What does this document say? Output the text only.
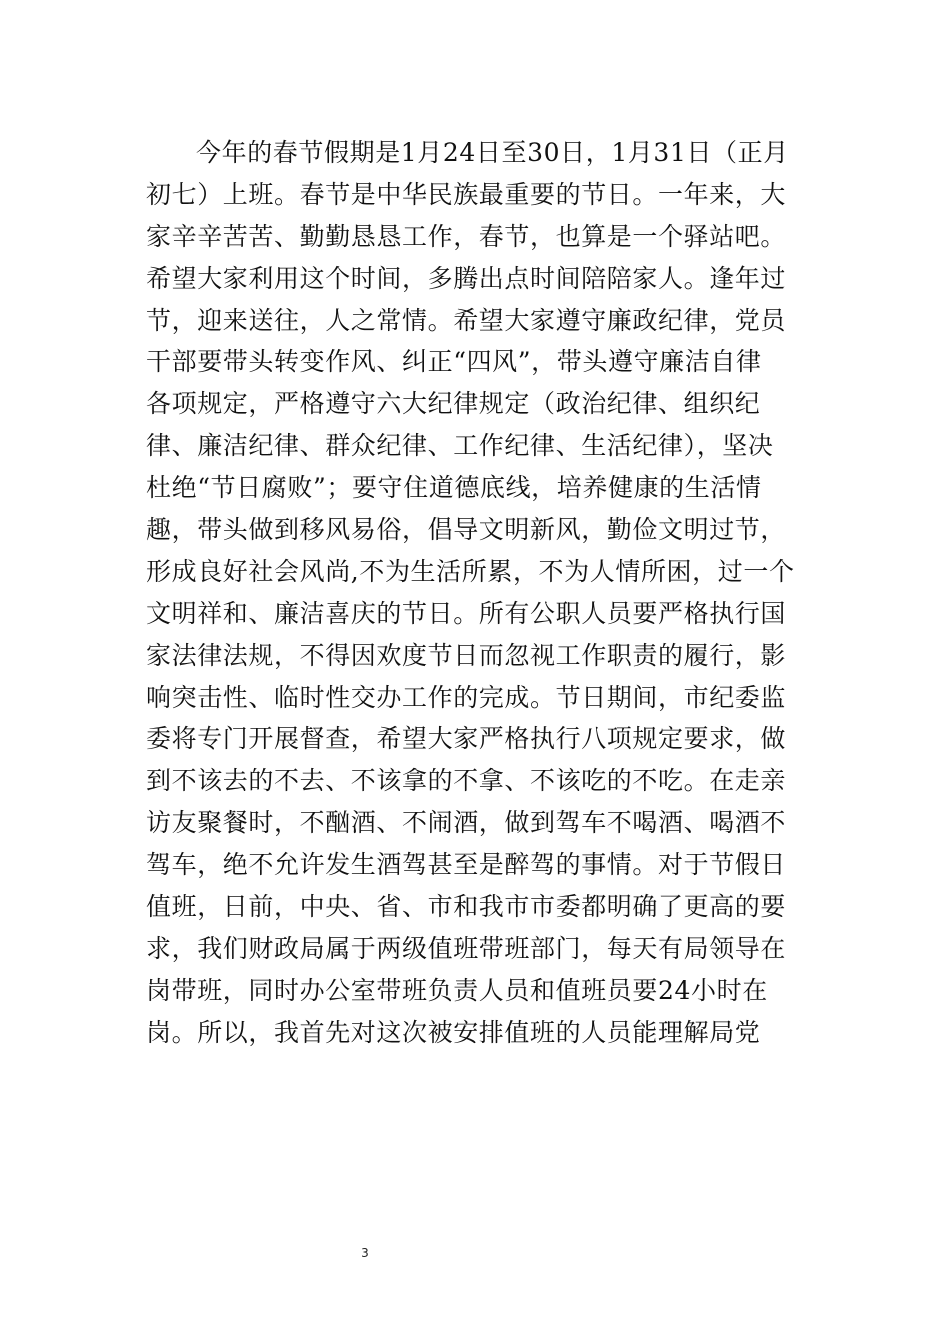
今年的春节假期是1月24日至30日，1月31日（正月
初七）上班。春节是中华民族最重要的节日。一年来，大
家辛辛苦苦、勤勤恳恳工作，春节，也算是一个驿站吧。
希望大家利用这个时间，多腾出点时间陪陪家人。逢年过
节，迎来送往，人之常情。希望大家遵守廉政纪律，党员
干部要带头转变作风、纠正“四风”，带头遵守廉洁自律
各项规定，严格遵守六大纪律规定（政治纪律、组织纪
律、廉洁纪律、群众纪律、工作纪律、生活纪律），坚决
杜绝“节日腐败”；要守住道德底线，培养健康的生活情
趣，带头做到移风易俗，倡导文明新风，勤俭文明过节，
形成良好社会风尚,不为生活所累，不为人情所困，过一个
文明祥和、廉洁喜庆的节日。所有公职人员要严格执行国
家法律法规，不得因欢度节日而忽视工作职责的履行，影
响突击性、临时性交办工作的完成。节日期间，市纪委监
委将专门开展督查，希望大家严格执行八项规定要求，做
到不该去的不去、不该拿的不拿、不该吃的不吃。在走亲
访友聚餐时，不酗酒、不闹酒，做到驾车不喝酒、喝酒不
驾车，绝不允许发生酒驾甚至是醉驾的事情。对于节假日
值班，日前，中央、省、市和我市市委都明确了更高的要
求，我们财政局属于两级值班带班部门，每天有局领导在
岗带班，同时办公室带班负责人员和值班员要24小时在
岗。所以，我首先对这次被安排值班的人员能理解局党
3
